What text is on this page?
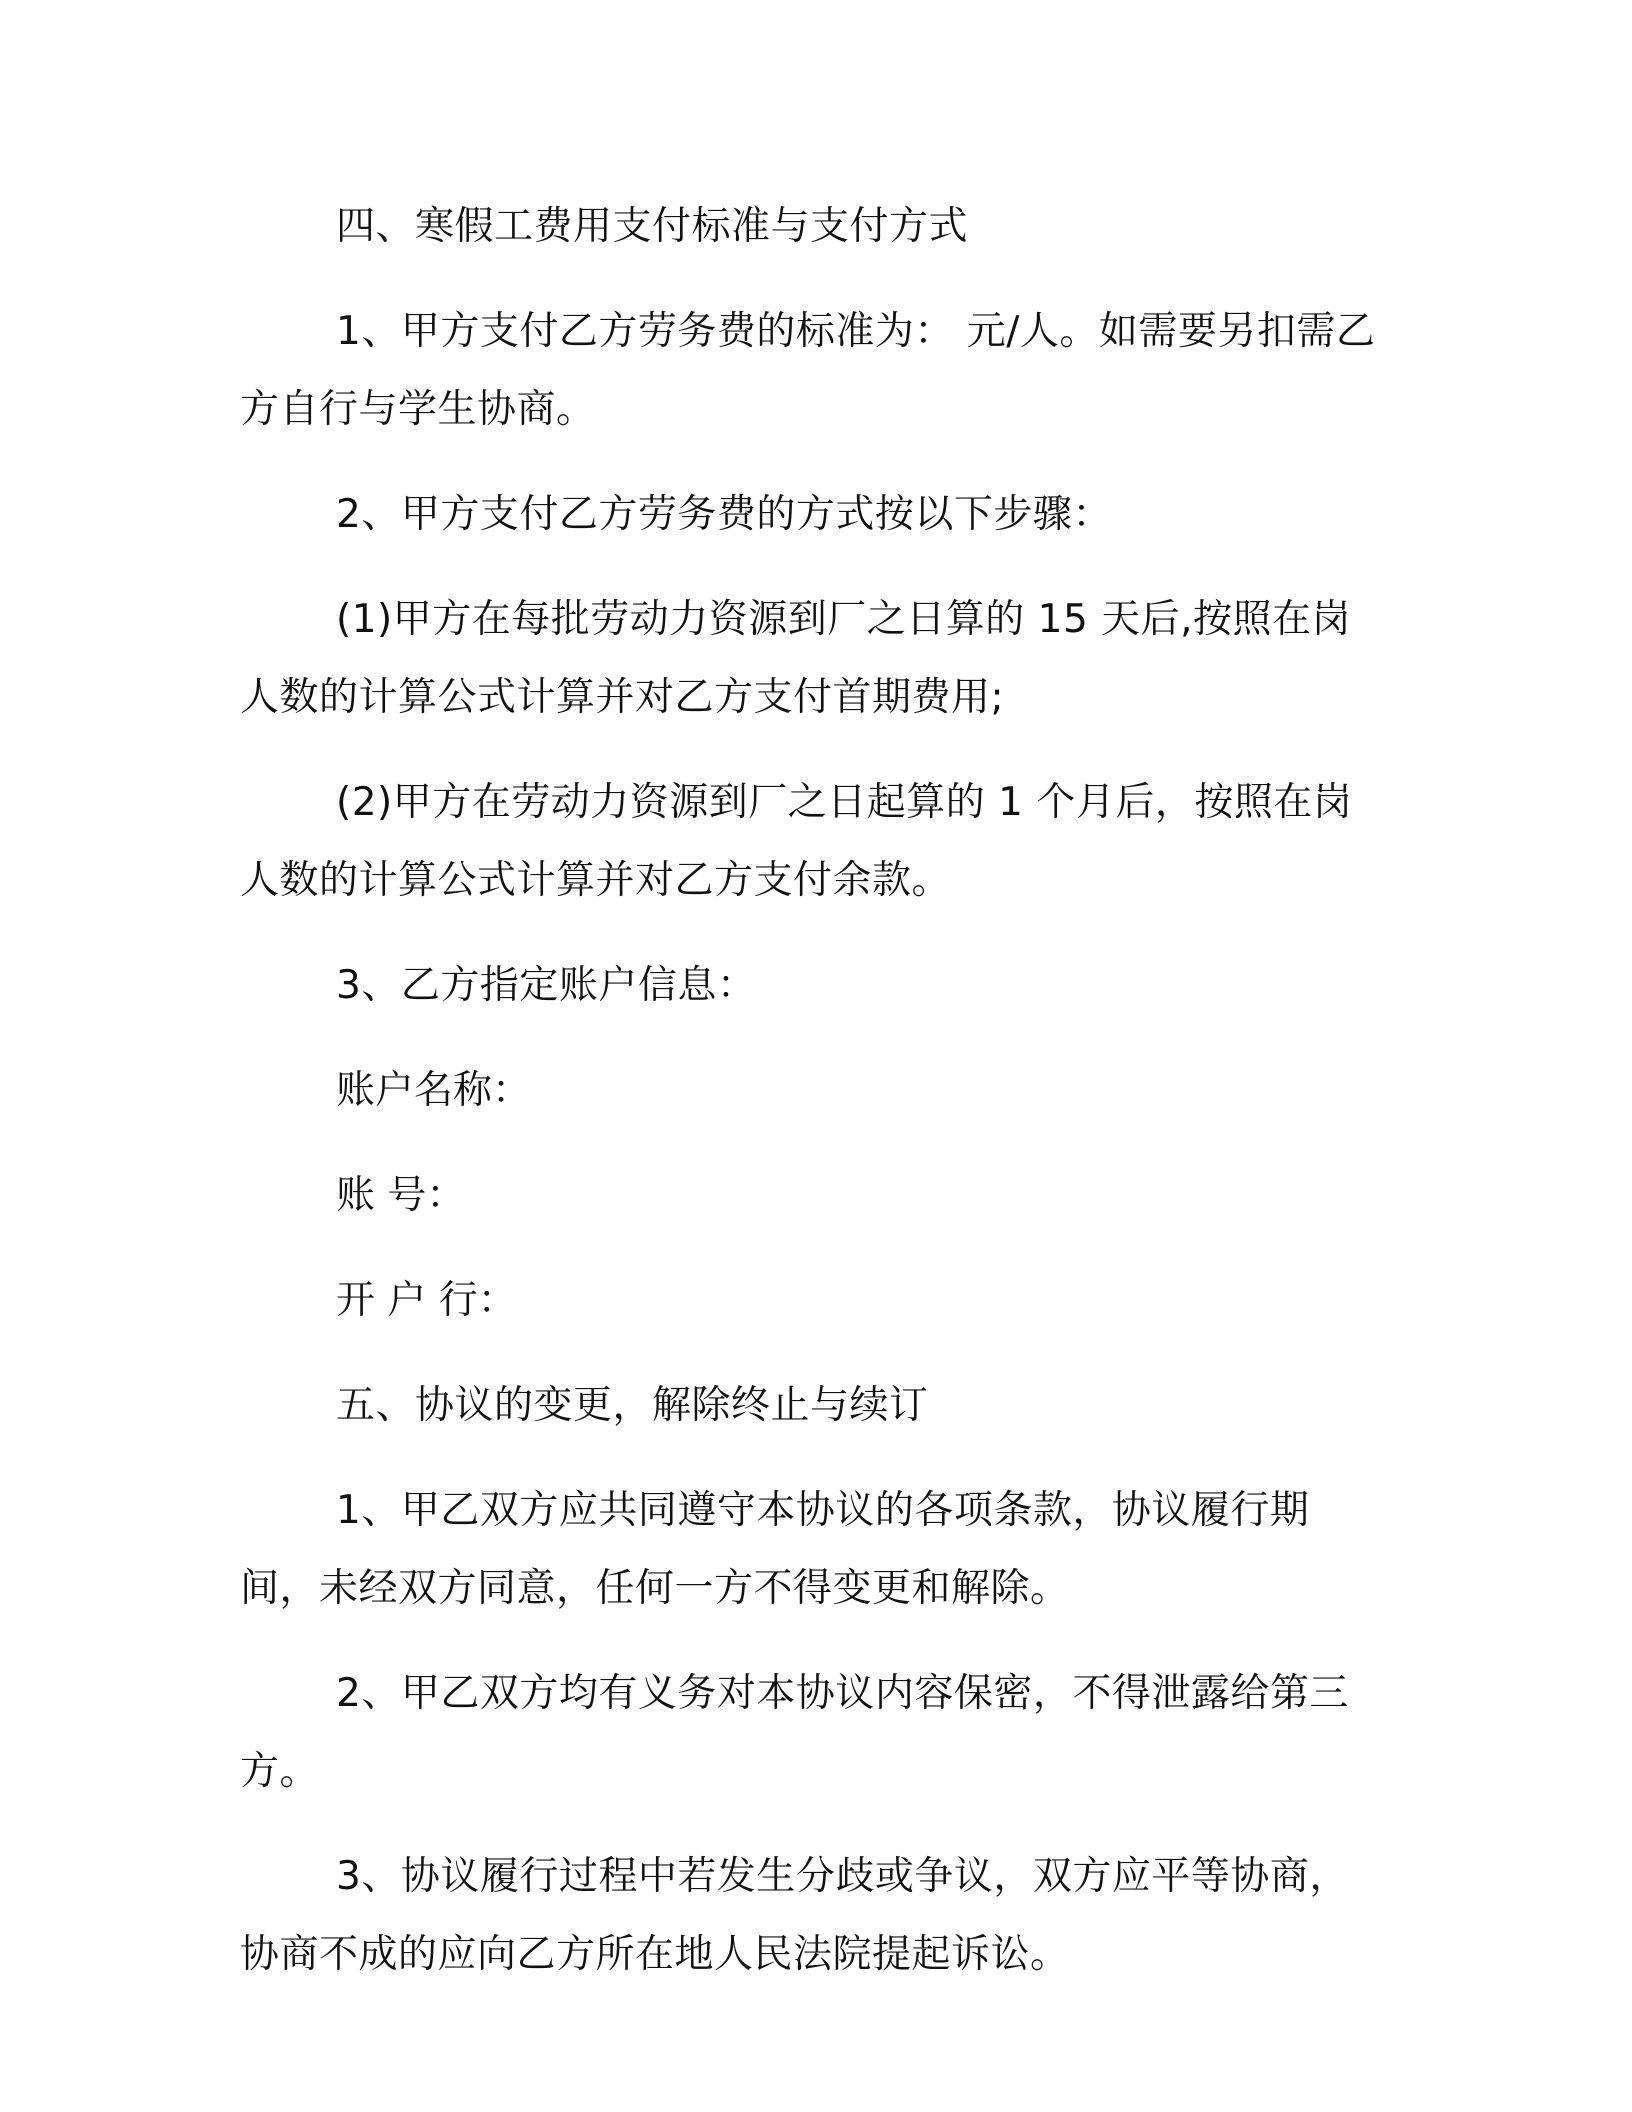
四、寒假工费用支付标准与支付方式

1、甲方支付乙方劳务费的标准为： 元/人。如需要另扣需乙方自行与学生协商。

2、甲方支付乙方劳务费的方式按以下步骤：

(1)甲方在每批劳动力资源到厂之日算的 15 天后,按照在岗人数的计算公式计算并对乙方支付首期费用;

(2)甲方在劳动力资源到厂之日起算的 1 个月后，按照在岗人数的计算公式计算并对乙方支付余款。

3、乙方指定账户信息：

账户名称：

账 号：

开 户 行：

五、协议的变更，解除终止与续订

1、甲乙双方应共同遵守本协议的各项条款，协议履行期间，未经双方同意，任何一方不得变更和解除。

2、甲乙双方均有义务对本协议内容保密，不得泄露给第三方。

3、协议履行过程中若发生分歧或争议，双方应平等协商，协商不成的应向乙方所在地人民法院提起诉讼。
